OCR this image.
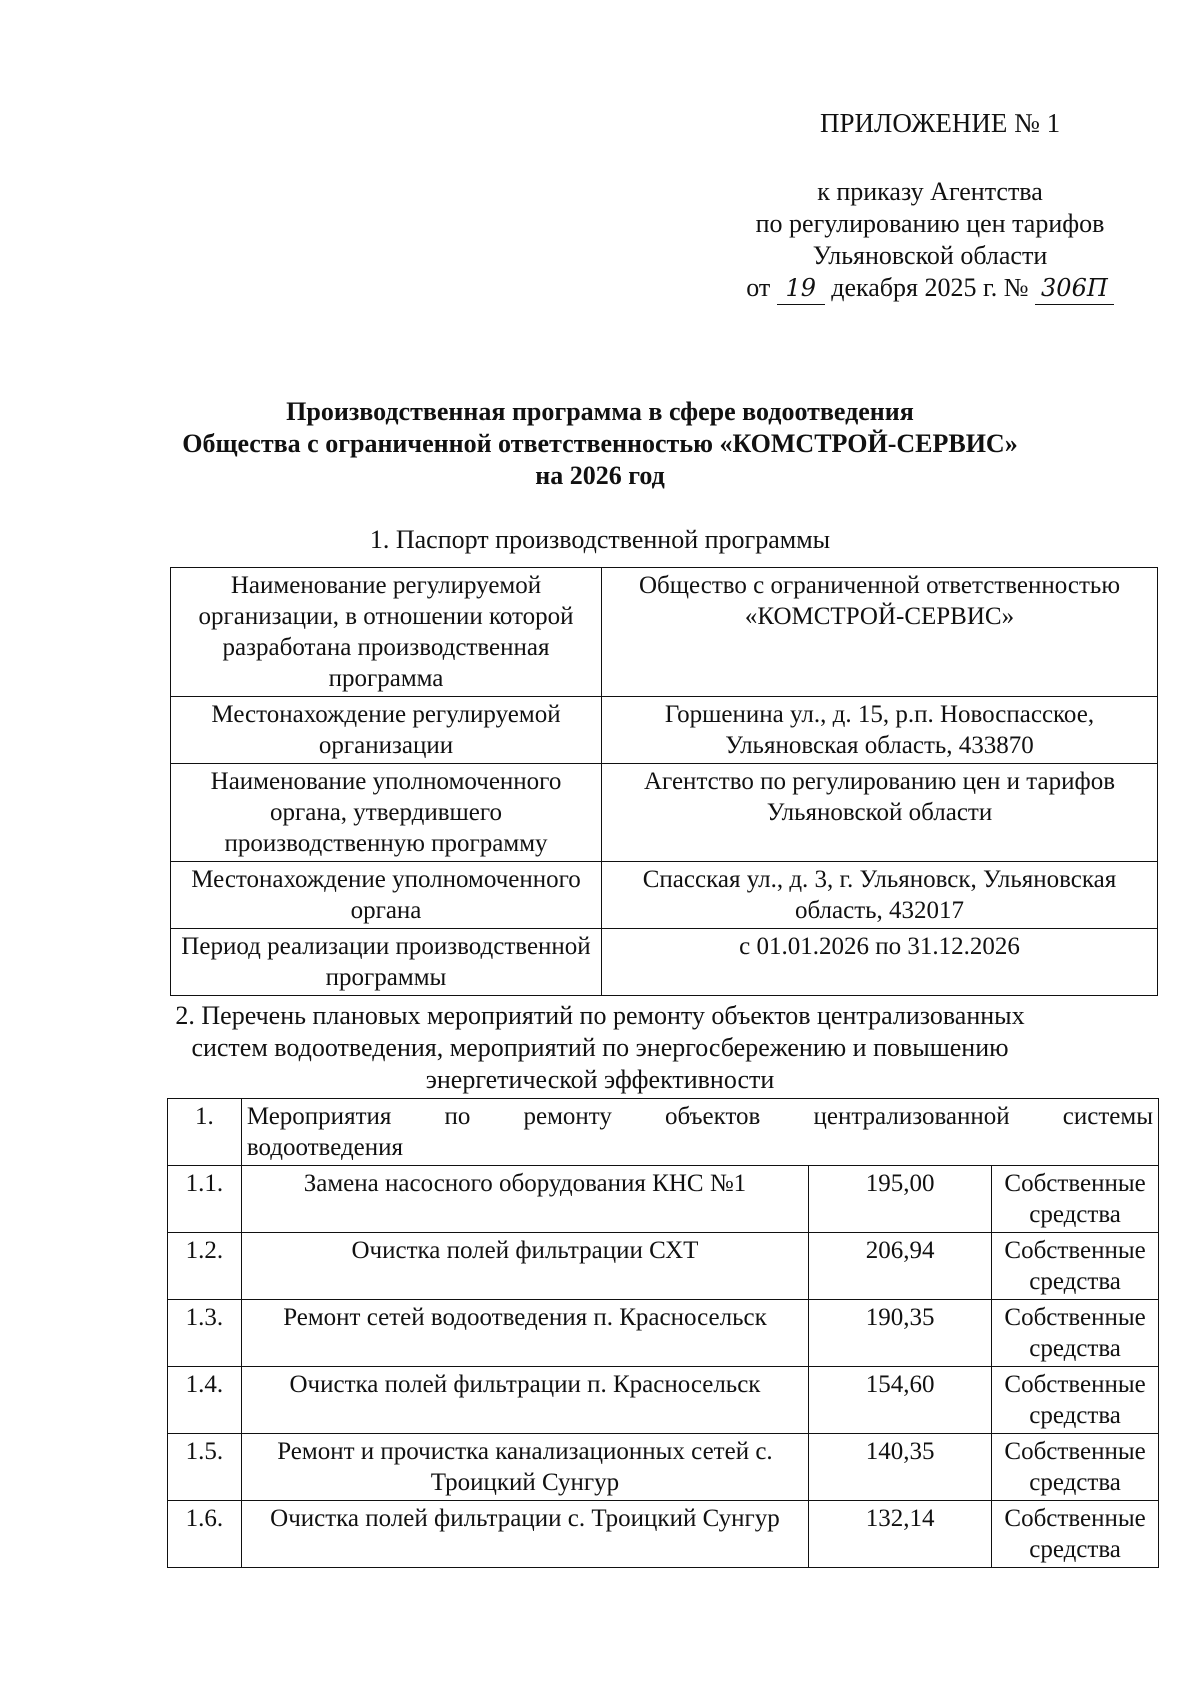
ПРИЛОЖЕНИЕ № 1
к приказу Агентства
по регулированию цен тарифов
Ульяновской области
от 19 декабря 2025 г. № 306П
Производственная программа в сфере водоотведения
Общества с ограниченной ответственностью «КОМСТРОЙ-СЕРВИС»
на 2026 год
1. Паспорт производственной программы
Наименование регулируемой организации, в отношении которой разработана производственная программа	Общество с ограниченной ответственностью «КОМСТРОЙ-СЕРВИС»
Местонахождение регулируемой организации	Горшенина ул., д. 15, р.п. Новоспасское, Ульяновская область, 433870
Наименование уполномоченного органа, утвердившего производственную программу	Агентство по регулированию цен и тарифов Ульяновской области
Местонахождение уполномоченного органа	Спасская ул., д. 3, г. Ульяновск, Ульяновская область, 432017
Период реализации производственной программы	с 01.01.2026 по 31.12.2026
2. Перечень плановых мероприятий по ремонту объектов централизованных
систем водоотведения, мероприятий по энергосбережению и повышению
энергетической эффективности
1.	Мероприятия по ремонту объектов централизованной системы
водоотведения		

1.1.	Замена насосного оборудования КНС №1	195,00	Собственные средства
1.2.	Очистка полей фильтрации СХТ	206,94	Собственные средства
1.3.	Ремонт сетей водоотведения п. Красносельск	190,35	Собственные средства
1.4.	Очистка полей фильтрации п. Красносельск	154,60	Собственные средства
1.5.	Ремонт и прочистка канализационных сетей с. Троицкий Сунгур	140,35	Собственные средства
1.6.	Очистка полей фильтрации с. Троицкий Сунгур	132,14	Собственные средства
